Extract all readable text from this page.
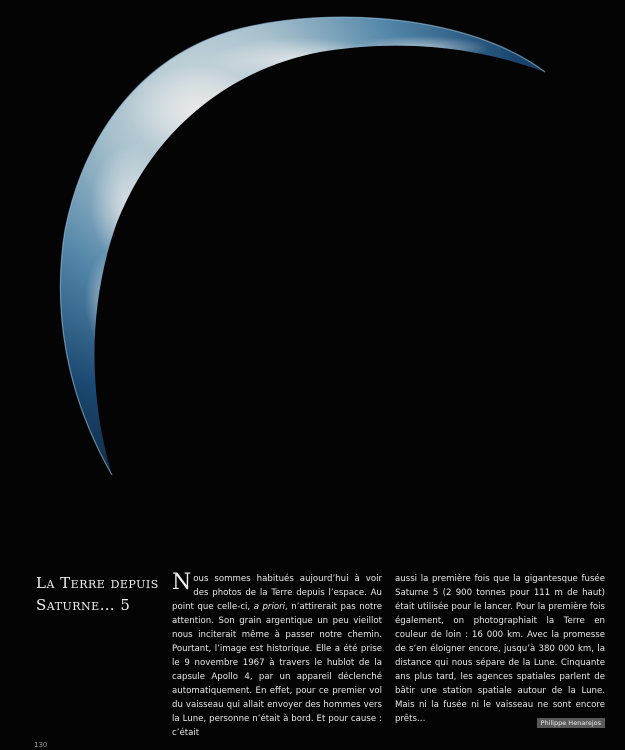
La Terre depuis Saturne… 5
Nous sommes habitués aujourd’hui à voir des photos de la Terre depuis l’espace. Au point que celle-ci, a priori, n’attirerait pas notre attention. Son grain argentique un peu vieillot nous inciterait même à passer notre chemin. Pourtant, l’image est historique. Elle a été prise le 9 novembre 1967 à travers le hublot de la capsule Apollo 4, par un appareil déclenché automatiquement. En effet, pour ce premier vol du vaisseau qui allait envoyer des hommes vers la Lune, personne n’était à bord. Et pour cause : c’était
aussi la première fois que la gigantesque fusée Saturne 5 (2 900 tonnes pour 111 m de haut) était utilisée pour le lancer. Pour la première fois également, on photographiait la Terre en couleur de loin : 16 000 km. Avec la promesse de s’en éloigner encore, jusqu’à 380 000 km, la distance qui nous sépare de la Lune. Cinquante ans plus tard, les agences spatiales parlent de bâtir une station spatiale autour de la Lune. Mais ni la fusée ni le vaisseau ne sont encore prêts…	Philippe Henarejos
130
